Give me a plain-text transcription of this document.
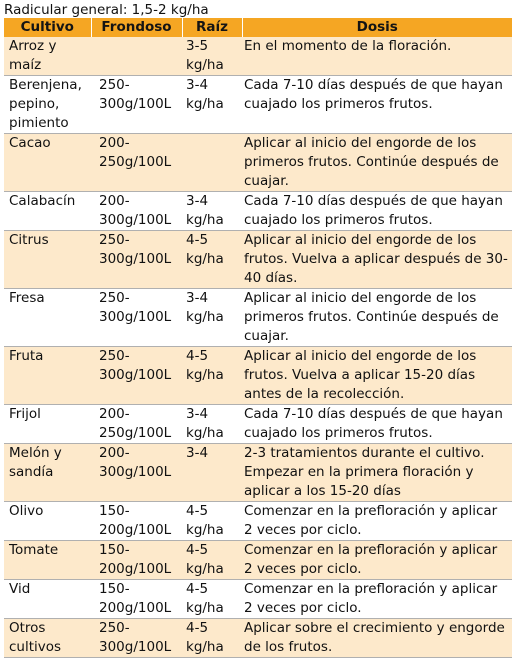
Radicular general: 1,5-2 kg/ha
Cultivo	Frondoso	Raíz	Dosis
Arroz y maíz		3-5 kg/ha	En el momento de la floración.
Berenjena, pepino, pimiento	250-300g/100L	3-4 kg/ha	Cada 7-10 días después de que hayan cuajado los primeros frutos.
Cacao	200-250g/100L		Aplicar al inicio del engorde de los primeros frutos. Continúe después de cuajar.
Calabacín	200-300g/100L	3-4 kg/ha	Cada 7-10 días después de que hayan cuajado los primeros frutos.
Citrus	250-300g/100L	4-5 kg/ha	Aplicar al inicio del engorde de los frutos. Vuelva a aplicar después de 30-40 días.
Fresa	250-300g/100L	3-4 kg/ha	Aplicar al inicio del engorde de los primeros frutos. Continúe después de cuajar.
Fruta	250-300g/100L	4-5 kg/ha	Aplicar al inicio del engorde de los frutos. Vuelva a aplicar 15-20 días antes de la recolección.
Frijol	200-250g/100L	3-4 kg/ha	Cada 7-10 días después de que hayan cuajado los primeros frutos.
Melón y sandía	200-300g/100L	3-4	2-3 tratamientos durante el cultivo. Empezar en la primera floración y aplicar a los 15-20 días
Olivo	150-200g/100L	4-5 kg/ha	Comenzar en la prefloración y aplicar 2 veces por ciclo.
Tomate	150-200g/100L	4-5 kg/ha	Comenzar en la prefloración y aplicar 2 veces por ciclo.
Vid	150-200g/100L	4-5 kg/ha	Comenzar en la prefloración y aplicar 2 veces por ciclo.
Otros cultivos	250-300g/100L	4-5 kg/ha	Aplicar sobre el crecimiento y engorde de los frutos.
